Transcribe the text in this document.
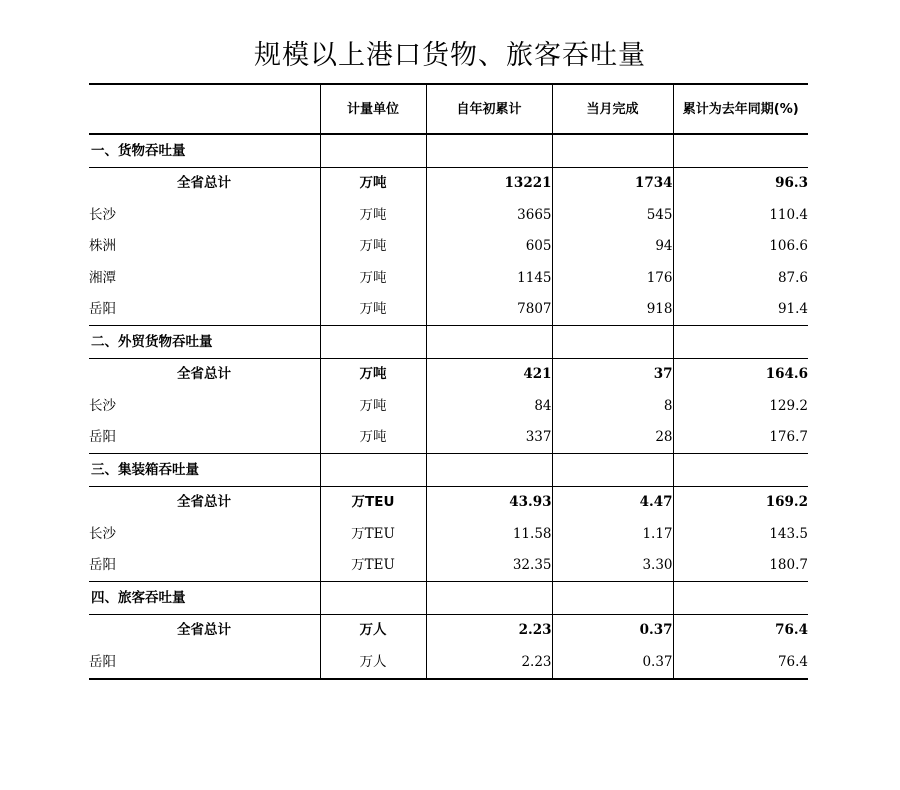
规模以上港口货物、旅客吞吐量
	计量单位	自年初累计	当月完成	累计为去年同期(%)
一、货物吞吐量				
全省总计	万吨	13221	1734	96.3
长沙	万吨	3665	545	110.4
株洲	万吨	605	94	106.6
湘潭	万吨	1145	176	87.6
岳阳	万吨	7807	918	91.4
二、外贸货物吞吐量				
全省总计	万吨	421	37	164.6
长沙	万吨	84	8	129.2
岳阳	万吨	337	28	176.7
三、集装箱吞吐量				
全省总计	万TEU	43.93	4.47	169.2
长沙	万TEU	11.58	1.17	143.5
岳阳	万TEU	32.35	3.30	180.7
四、旅客吞吐量				
全省总计	万人	2.23	0.37	76.4
岳阳	万人	2.23	0.37	76.4
